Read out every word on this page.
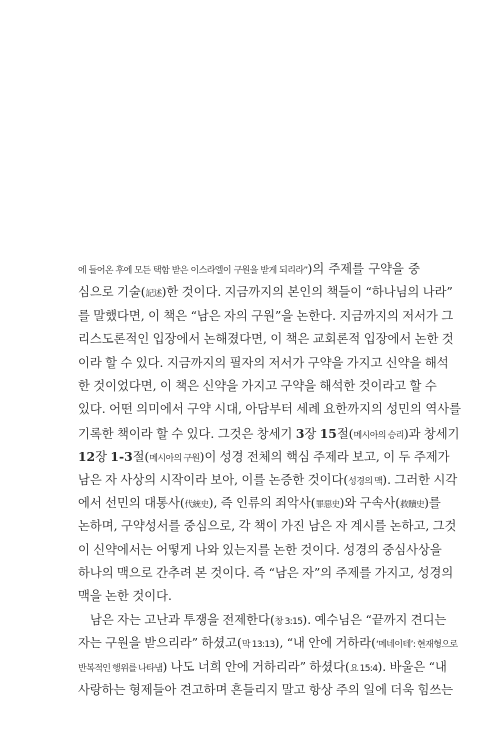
에 들어온 후에 모든 택함 받은 이스라엘이 구원을 받게 되리라”)의 주제를 구약을 중
심으로 기술(記述)한 것이다. 지금까지의 본인의 책들이 “하나님의 나라”
를 말했다면, 이 책은 “남은 자의 구원”을 논한다. 지금까지의 저서가 그
리스도론적인 입장에서 논해졌다면, 이 책은 교회론적 입장에서 논한 것
이라 할 수 있다. 지금까지의 필자의 저서가 구약을 가지고 신약을 해석
한 것이었다면, 이 책은 신약을 가지고 구약을 해석한 것이라고 할 수
있다. 어떤 의미에서 구약 시대, 아담부터 세례 요한까지의 성민의 역사를
기록한 책이라 할 수 있다. 그것은 창세기 3장 15절(메시아의 승리)과 창세기
12장 1-3절(메시아의 구원)이 성경 전체의 핵심 주제라 보고, 이 두 주제가
남은 자 사상의 시작이라 보아, 이를 논증한 것이다(성경의 맥). 그러한 시각
에서 선민의 대통사(代統史), 즉 인류의 죄악사(罪惡史)와 구속사(救贖史)를
논하며, 구약성서를 중심으로, 각 책이 가진 남은 자 계시를 논하고, 그것
이 신약에서는 어떻게 나와 있는지를 논한 것이다. 성경의 중심사상을
하나의 맥으로 간추려 본 것이다. 즉 “남은 자”의 주제를 가지고, 성경의
맥을 논한 것이다.
남은 자는 고난과 투쟁을 전제한다(창 3:15). 예수님은 “끝까지 견디는
자는 구원을 받으리라” 하셨고(막 13:13), “내 안에 거하라(‘메네이테’: 현재형으로
반복적인 행위를 나타냄) 나도 너희 안에 거하리라” 하셨다(요 15:4). 바울은 “내
사랑하는 형제들아 견고하며 흔들리지 말고 항상 주의 일에 더욱 힘쓰는
